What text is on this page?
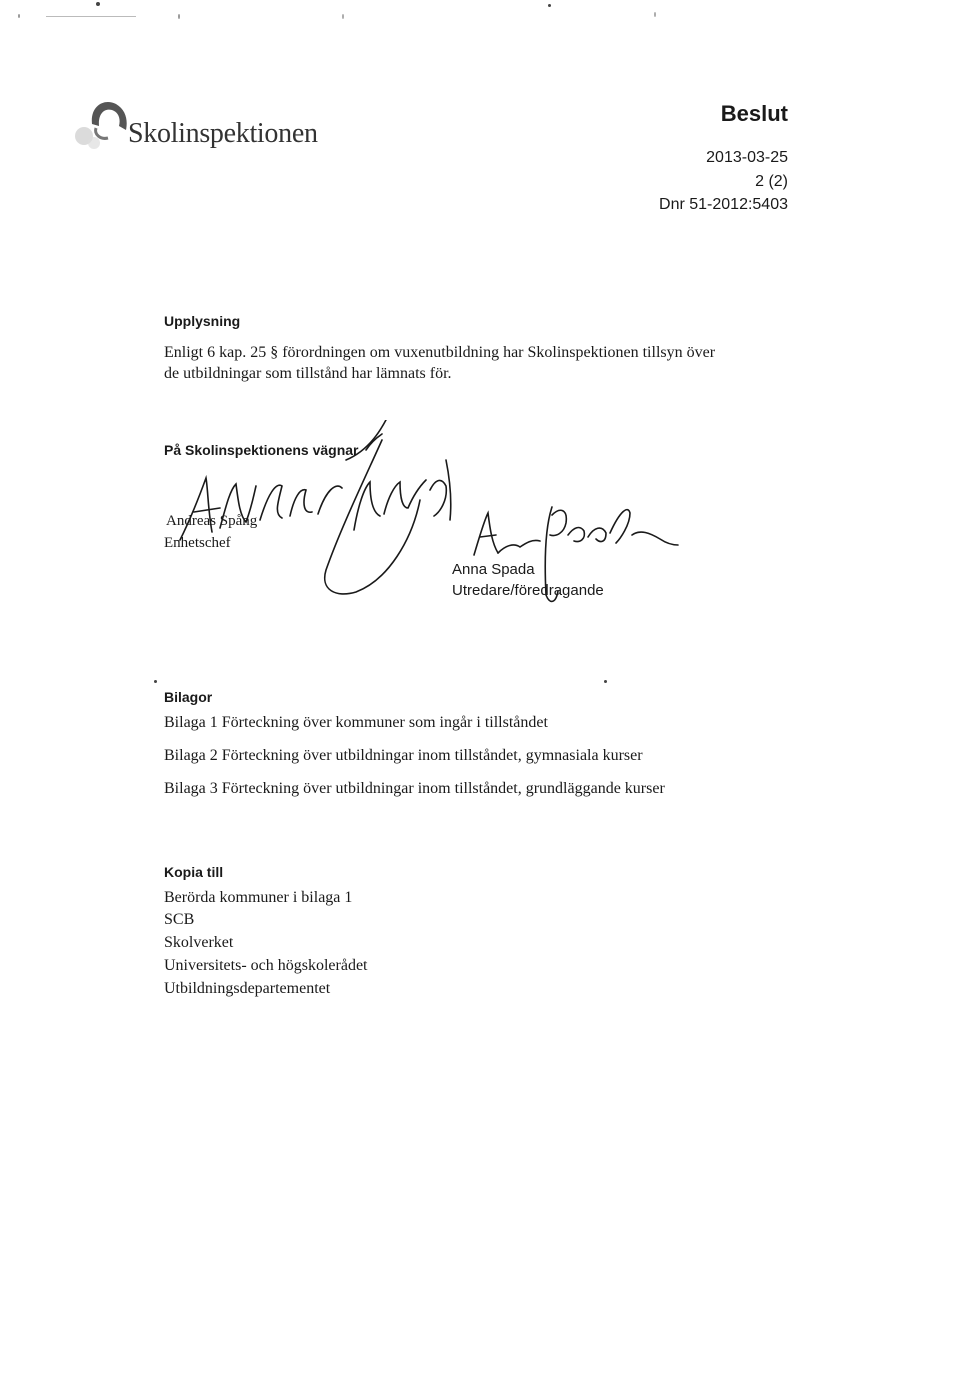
Skolinspektionen
Beslut
2013-03-25
2 (2)
Dnr 51-2012:5403
Upplysning
Enligt 6 kap. 25 § förordningen om vuxenutbildning har Skolinspektionen tillsyn över
de utbildningar som tillstånd har lämnats för.
På Skolinspektionens vägnar
Andreas Spång
Enhetschef
Anna Spada
Utredare/föredragande
Bilagor
Bilaga 1 Förteckning över kommuner som ingår i tillståndet
Bilaga 2 Förteckning över utbildningar inom tillståndet, gymnasiala kurser
Bilaga 3 Förteckning över utbildningar inom tillståndet, grundläggande kurser
Kopia till
Berörda kommuner i bilaga 1
SCB
Skolverket
Universitets- och högskolerådet
Utbildningsdepartementet
